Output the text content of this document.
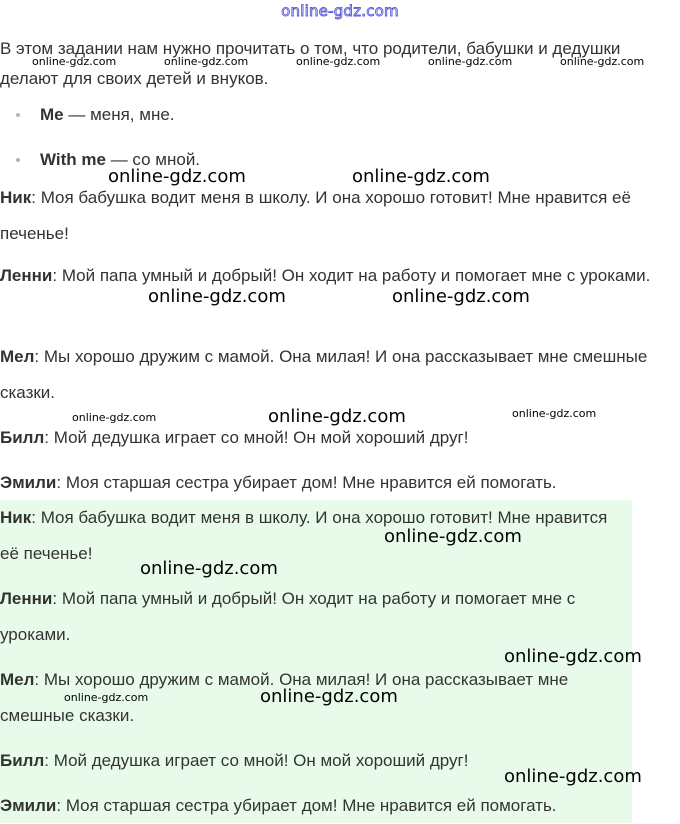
online-gdz.com
В этом задании нам нужно прочитать о том, что родители, бабушки и дедушки делают для своих детей и внуков.
Me — меня, мне.
With me — со мной.
Ник: Моя бабушка водит меня в школу. И она хорошо готовит! Мне нравится её печенье!
Ленни: Мой папа умный и добрый! Он ходит на работу и помогает мне с уроками.
Мел: Мы хорошо дружим с мамой. Она милая! И она рассказывает мне смешные сказки.
Билл: Мой дедушка играет со мной! Он мой хороший друг!
Эмили: Моя старшая сестра убирает дом! Мне нравится ей помогать.
Ник: Моя бабушка водит меня в школу. И она хорошо готовит! Мне нравится её печенье!
Ленни: Мой папа умный и добрый! Он ходит на работу и помогает мне с уроками.
Мел: Мы хорошо дружим с мамой. Она милая! И она рассказывает мне смешные сказки.
Билл: Мой дедушка играет со мной! Он мой хороший друг!
Эмили: Моя старшая сестра убирает дом! Мне нравится ей помогать.
online-gdz.com	online-gdz.com	online-gdz.com	online-gdz.com	online-gdz.com
online-gdz.com	online-gdz.com
online-gdz.com
online-gdz.com	online-gdz.com
online-gdz.com	online-gdz.com
online-gdz.com
online-gdz.com
online-gdz.com
online-gdz.com
online-gdz.com
online-gdz.com
